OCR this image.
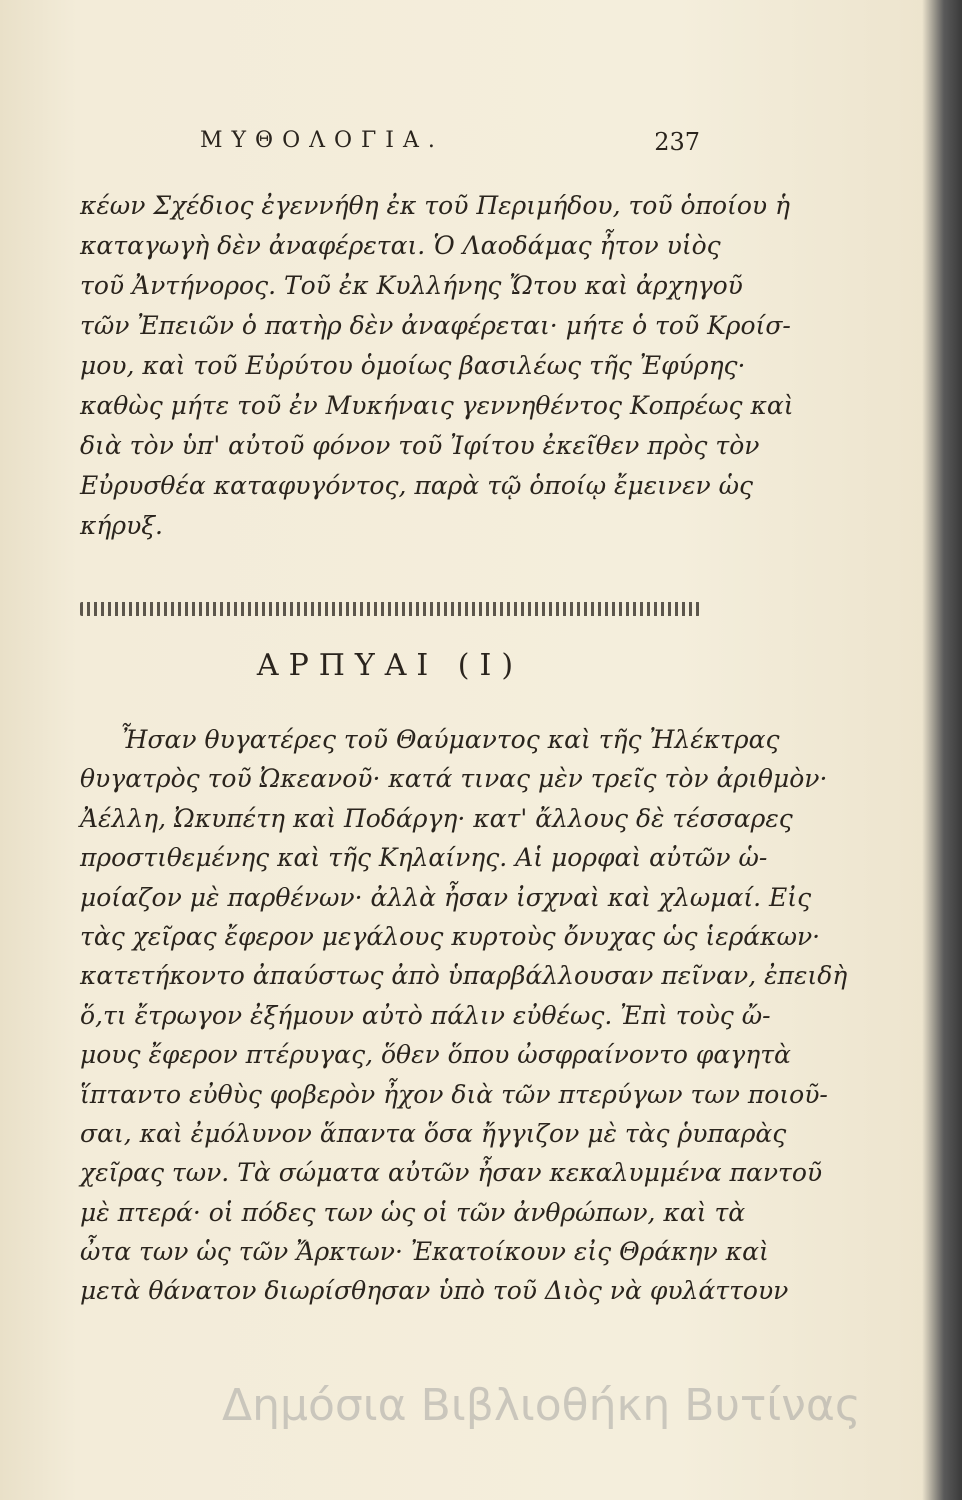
ΜΥΘΟΛΟΓΙΑ.	237
κέων Σχέδιος ἐγεννήθη ἐκ τοῦ Περιμήδου, τοῦ ὁποίου ἡ
καταγωγὴ δὲν ἀναφέρεται. Ὁ Λαοδάμας ἦτον υἱὸς
τοῦ Ἀντήνορος. Τοῦ ἐκ Κυλλήνης Ὤτου καὶ ἀρχηγοῦ
τῶν Ἐπειῶν ὁ πατὴρ δὲν ἀναφέρεται· μήτε ὁ τοῦ Κροίσ-
μου, καὶ τοῦ Εὐρύτου ὁμοίως βασιλέως τῆς Ἐφύρης·
καθὼς μήτε τοῦ ἐν Μυκήναις γεννηθέντος Κοπρέως καὶ
διὰ τὸν ὑπ' αὐτοῦ φόνον τοῦ Ἰφίτου ἐκεῖθεν πρὸς τὸν
Εὐρυσθέα καταφυγόντος, παρὰ τῷ ὁποίῳ ἔμεινεν ὡς
κήρυξ.
ΑΡΠΥΑΙ (I)
Ἦσαν θυγατέρες τοῦ Θαύμαντος καὶ τῆς Ἠλέκτρας
θυγατρὸς τοῦ Ὠκεανοῦ· κατά τινας μὲν τρεῖς τὸν ἀριθμὸν·
Ἀέλλη, Ὠκυπέτη καὶ Ποδάργη· κατ' ἄλλους δὲ τέσσαρες
προστιθεμένης καὶ τῆς Κηλαίνης. Αἱ μορφαὶ αὐτῶν ὡ-
μοίαζον μὲ παρθένων· ἀλλὰ ἦσαν ἰσχναὶ καὶ χλωμαί. Εἰς
τὰς χεῖρας ἔφερον μεγάλους κυρτοὺς ὄνυχας ὡς ἱεράκων·
κατετήκοντο ἀπαύστως ἀπὸ ὑπαρβάλλουσαν πεῖναν, ἐπειδὴ
ὅ,τι ἔτρωγον ἐξήμουν αὐτὸ πάλιν εὐθέως. Ἐπὶ τοὺς ὤ-
μους ἔφερον πτέρυγας, ὅθεν ὅπου ὠσφραίνοντο φαγητὰ
ἵπταντο εὐθὺς φοβερὸν ἦχον διὰ τῶν πτερύγων των ποιοῦ-
σαι, καὶ ἐμόλυνον ἅπαντα ὅσα ἤγγιζον μὲ τὰς ῥυπαρὰς
χεῖρας των. Τὰ σώματα αὐτῶν ἦσαν κεκαλυμμένα παντοῦ
μὲ πτερά· οἱ πόδες των ὡς οἱ τῶν ἀνθρώπων, καὶ τὰ
ὦτα των ὡς τῶν Ἄρκτων· Ἐκατοίκουν εἰς Θράκην καὶ
μετὰ θάνατον διωρίσθησαν ὑπὸ τοῦ Διὸς νὰ φυλάττουν
Δημόσια Βιβλιοθήκη Βυτίνας
